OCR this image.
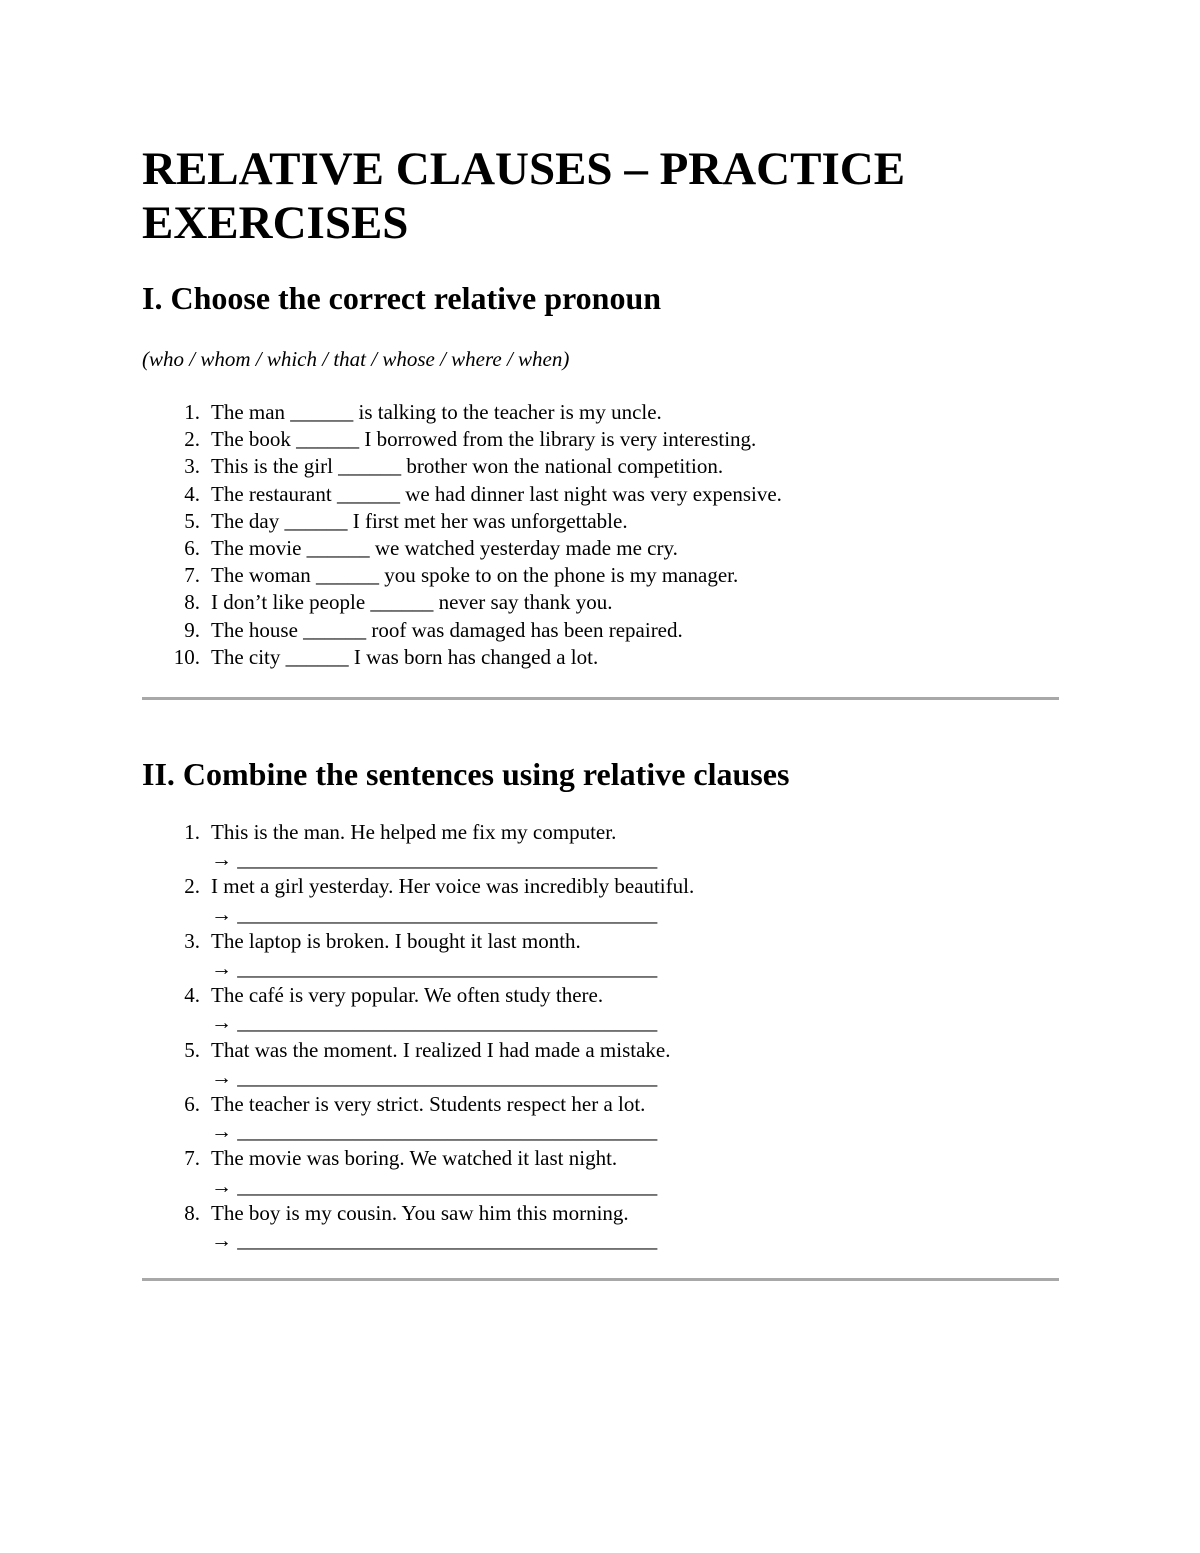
RELATIVE CLAUSES – PRACTICE EXERCISES
I. Choose the correct relative pronoun

(who / whom / which / that / whose / where / when)

1. The man ______ is talking to the teacher is my uncle.
2. The book ______ I borrowed from the library is very interesting.
3. This is the girl ______ brother won the national competition.
4. The restaurant ______ we had dinner last night was very expensive.
5. The day ______ I first met her was unforgettable.
6. The movie ______ we watched yesterday made me cry.
7. The woman ______ you spoke to on the phone is my manager.
8. I don’t like people ______ never say thank you.
9. The house ______ roof was damaged has been repaired.
10. The city ______ I was born has changed a lot.
II. Combine the sentences using relative clauses
1. This is the man. He helped me fix my computer.
→ ________________________________________
2. I met a girl yesterday. Her voice was incredibly beautiful.
→ ________________________________________
3. The laptop is broken. I bought it last month.
→ ________________________________________
4. The café is very popular. We often study there.
→ ________________________________________
5. That was the moment. I realized I had made a mistake.
→ ________________________________________
6. The teacher is very strict. Students respect her a lot.
→ ________________________________________
7. The movie was boring. We watched it last night.
→ ________________________________________
8. The boy is my cousin. You saw him this morning.
→ ________________________________________
